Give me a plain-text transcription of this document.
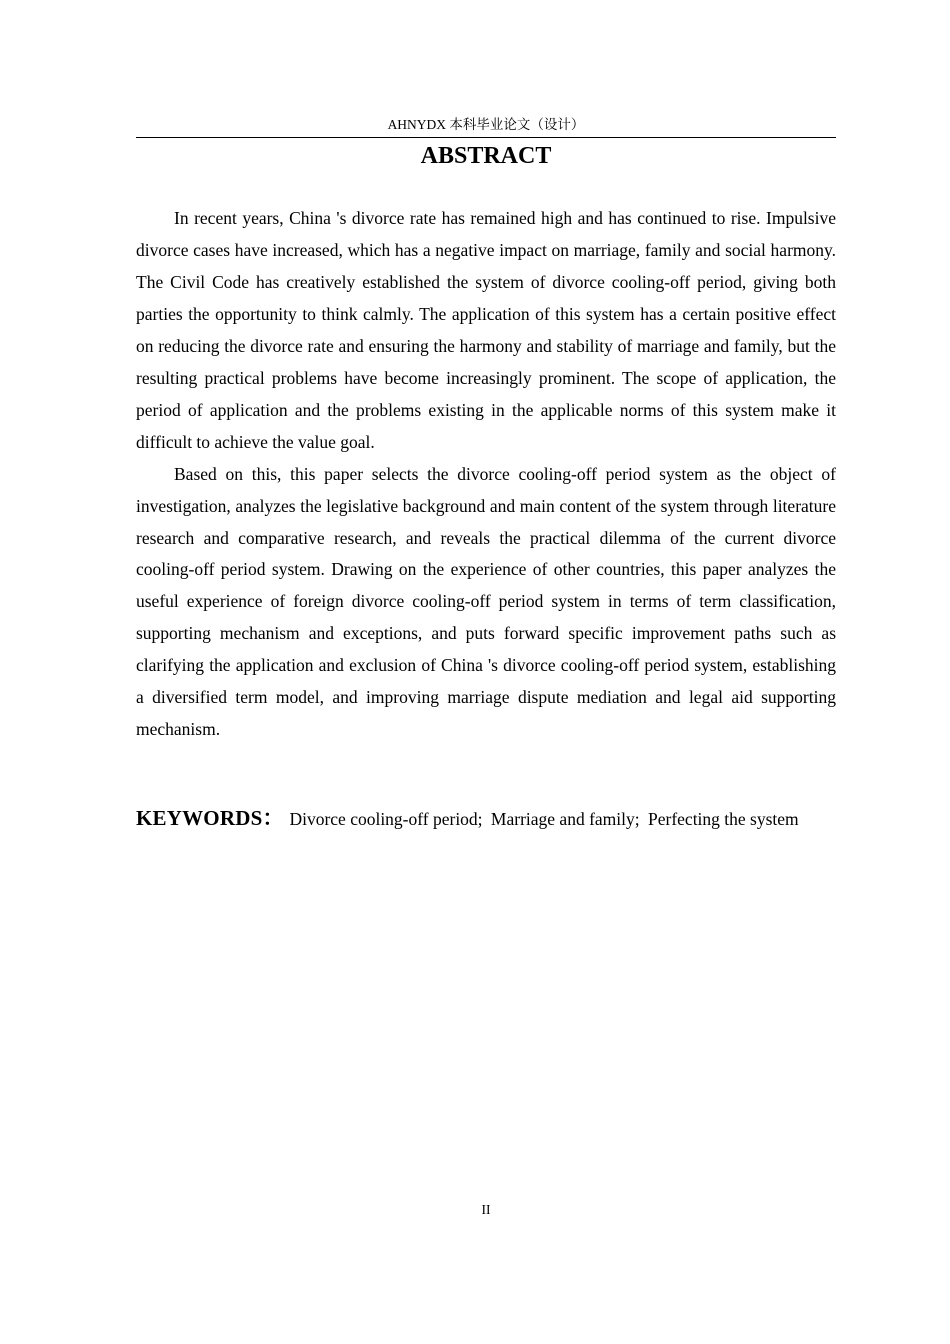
AHNYDX 本科毕业论文（设计）
ABSTRACT

In recent years, China 's divorce rate has remained high and has continued to rise. Impulsive divorce cases have increased, which has a negative impact on marriage, family and social harmony. The Civil Code has creatively established the system of divorce cooling-off period, giving both parties the opportunity to think calmly. The application of this system has a certain positive effect on reducing the divorce rate and ensuring the harmony and stability of marriage and family, but the resulting practical problems have become increasingly prominent. The scope of application, the period of application and the problems existing in the applicable norms of this system make it difficult to achieve the value goal.

Based on this, this paper selects the divorce cooling-off period system as the object of investigation, analyzes the legislative background and main content of the system through literature research and comparative research, and reveals the practical dilemma of the current divorce cooling-off period system. Drawing on the experience of other countries, this paper analyzes the useful experience of foreign divorce cooling-off period system in terms of term classification, supporting mechanism and exceptions, and puts forward specific improvement paths such as clarifying the application and exclusion of China 's divorce cooling-off period system, establishing a diversified term model, and improving marriage dispute mediation and legal aid supporting mechanism.

KEYWORDS： Divorce cooling-off period; Marriage and family; Perfecting the system
II
